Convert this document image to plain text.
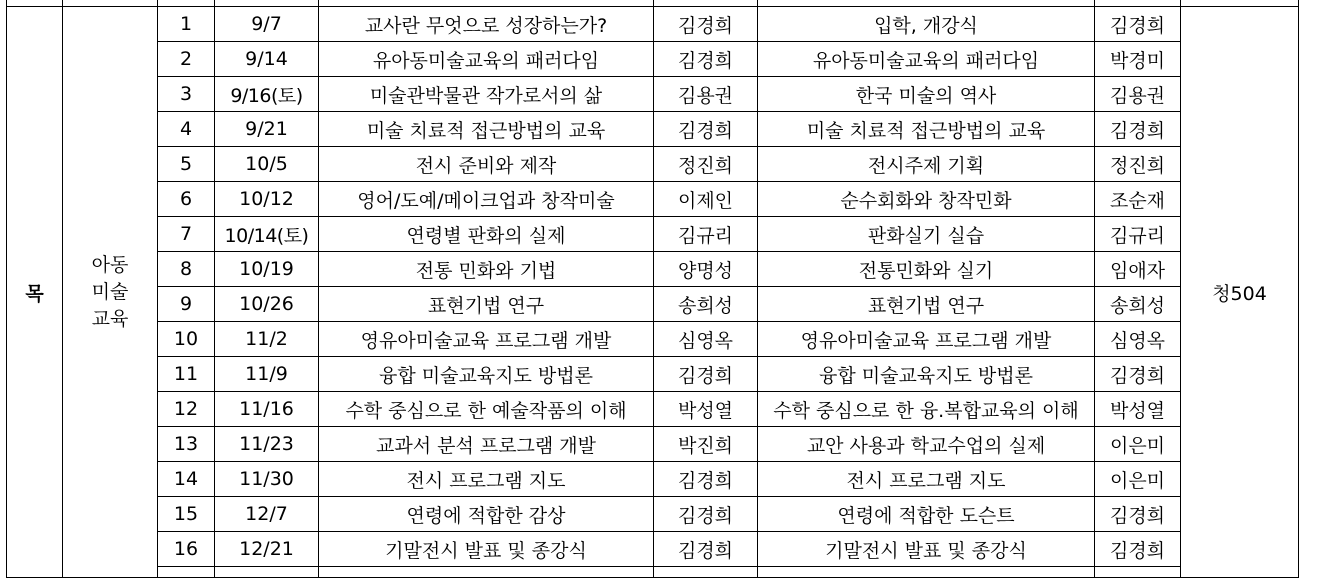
목	아동
미술
교육	1	9/7	교사란 무엇으로 성장하는가?	김경희	입학, 개강식	김경희	청504
		2	9/14	유아동미술교육의 패러다임	김경희	유아동미술교육의 패러다임	박경미	
		3	9/16(토)	미술관박물관 작가로서의 삶	김용권	한국 미술의 역사	김용권	
		4	9/21	미술 치료적 접근방법의 교육	김경희	미술 치료적 접근방법의 교육	김경희	
		5	10/5	전시 준비와 제작	정진희	전시주제 기획	정진희	
		6	10/12	영어/도예/메이크업과 창작미술	이제인	순수회화와 창작민화	조순재	
		7	10/14(토)	연령별 판화의 실제	김규리	판화실기 실습	김규리	
		8	10/19	전통 민화와 기법	양명성	전통민화와 실기	임애자	
		9	10/26	표현기법 연구	송희성	표현기법 연구	송희성	
		10	11/2	영유아미술교육 프로그램 개발	심영옥	영유아미술교육 프로그램 개발	심영옥	
		11	11/9	융합 미술교육지도 방법론	김경희	융합 미술교육지도 방법론	김경희	
		12	11/16	수학 중심으로 한 예술작품의 이해	박성열	수학 중심으로 한 융.복합교육의 이해	박성열	
		13	11/23	교과서 분석 프로그램 개발	박진희	교안 사용과 학교수업의 실제	이은미	
		14	11/30	전시 프로그램 지도	김경희	전시 프로그램 지도	이은미	
		15	12/7	연령에 적합한 감상	김경희	연령에 적합한 도슨트	김경희	
		16	12/21	기말전시 발표 및 종강식	김경희	기말전시 발표 및 종강식	김경희	
